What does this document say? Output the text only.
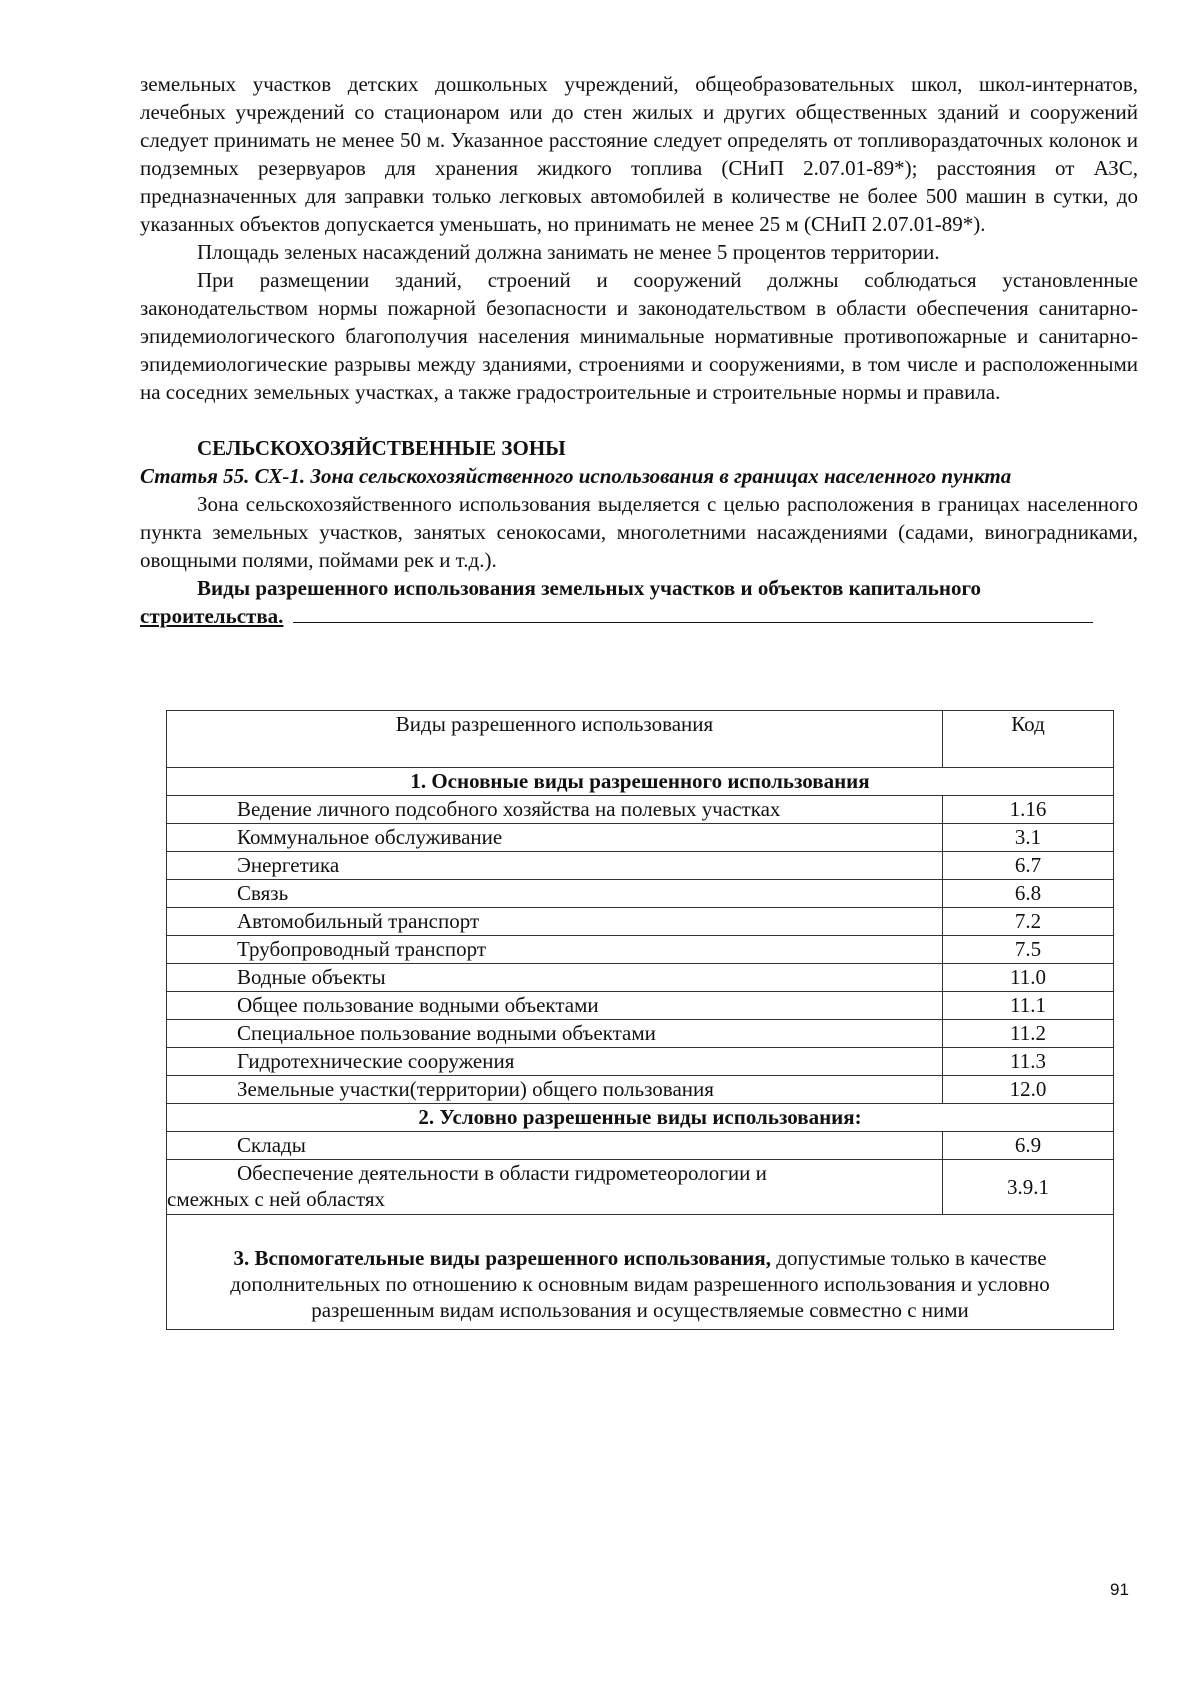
земельных участков детских дошкольных учреждений, общеобразовательных школ, школ-интернатов, лечебных учреждений со стационаром или до стен жилых и других общественных зданий и сооружений следует принимать не менее 50 м. Указанное расстояние следует определять от топливораздаточных колонок и подземных резервуаров для хранения жидкого топлива (СНиП 2.07.01-89*); расстояния от АЗС, предназначенных для заправки только легковых автомобилей в количестве не более 500 машин в сутки, до указанных объектов допускается уменьшать, но принимать не менее 25 м (СНиП 2.07.01-89*).

Площадь зеленых насаждений должна занимать не менее 5 процентов территории.

При размещении зданий, строений и сооружений должны соблюдаться установленные законодательством нормы пожарной безопасности и законодательством в области обеспечения санитарно-эпидемиологического благополучия населения минимальные нормативные противопожарные и санитарно-эпидемиологические разрывы между зданиями, строениями и сооружениями, в том числе и расположенными на соседних земельных участках, а также градостроительные и строительные нормы и правила.

СЕЛЬСКОХОЗЯЙСТВЕННЫЕ ЗОНЫ

Статья 55. СХ-1. Зона сельскохозяйственного использования в границах населенного пункта

Зона сельскохозяйственного использования выделяется с целью расположения в границах населенного пункта земельных участков, занятых сенокосами, многолетними насаждениями (садами, виноградниками, овощными полями, поймами рек и т.д.).

Виды разрешенного использования земельных участков и объектов капитального

строительства.

Виды разрешенного использования	Код
1. Основные виды разрешенного использования	
Ведение личного подсобного хозяйства на полевых участках	1.16
Коммунальное обслуживание	3.1
Энергетика	6.7
Связь	6.8
Автомобильный транспорт	7.2
Трубопроводный транспорт	7.5
Водные объекты	11.0
Общее пользование водными объектами	11.1
Специальное пользование водными объектами	11.2
Гидротехнические сооружения	11.3
Земельные участки(территории) общего пользования	12.0
2. Условно разрешенные виды использования:	
Склады	6.9

Обеспечение деятельности в области гидрометеорологии и
смежных с ней областях	3.9.1
3. Вспомогательные виды разрешенного использования, допустимые только в качестве дополнительных по отношению к основным видам разрешенного использования и условно разрешенным видам использования и осуществляемые совместно с ними	
91
